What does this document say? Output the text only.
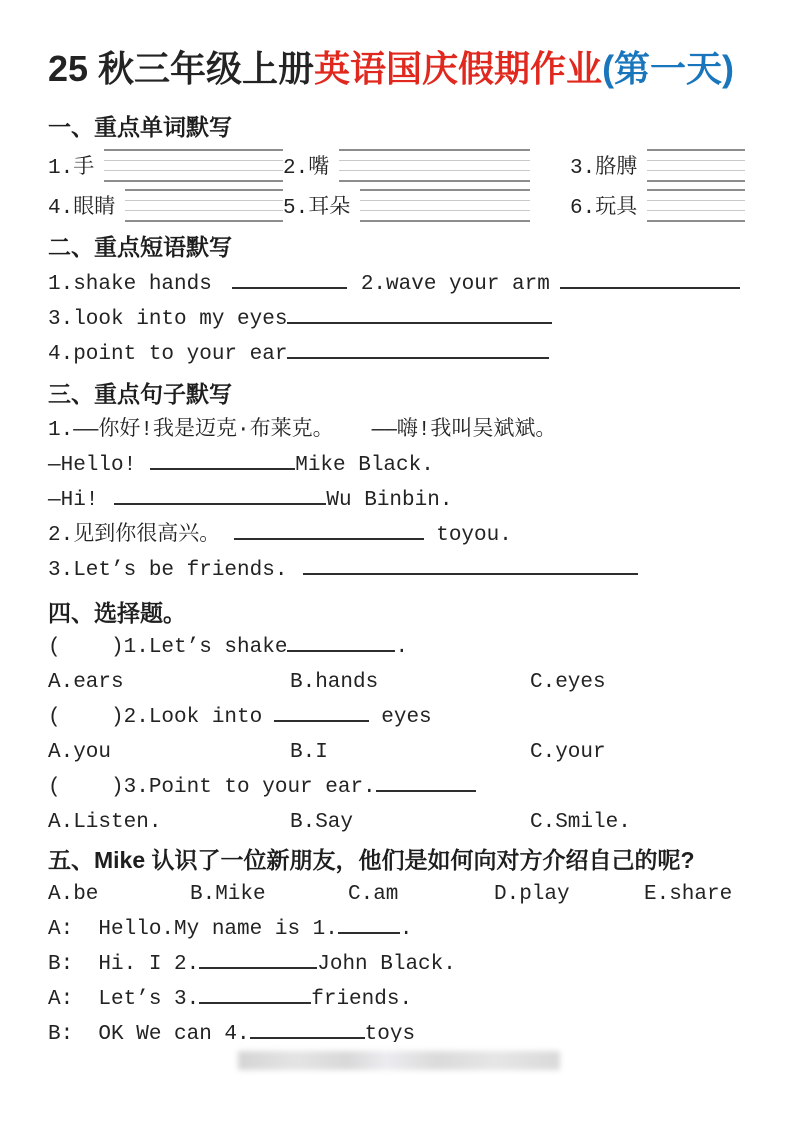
25 秋三年级上册英语国庆假期作业(第一天)
一、重点单词默写
1.手	2.嘴	3.胳膊
4.眼睛	5.耳朵	6.玩具
二、重点短语默写
1.shake hands	2.wave your arm
3.look into my eyes
4.point to your ear
三、重点句子默写
1.——你好!我是迈克·布莱克。 ——嗨!我叫吴斌斌。
—Hello!	Mike Black.
—Hi!	Wu Binbin.
2.见到你很高兴。	toyou.
3.Let’s be friends.
四、选择题。
(    )1.Let’s shake	.
A.ears	B.hands	C.eyes
(    )2.Look into	eyes
A.you	B.I	C.your
(    )3.Point to your ear.
A.Listen.	B.Say	C.Smile.
五、Mike 认识了一位新朋友，他们是如何向对方介绍自己的呢?
A.be	B.Mike	C.am	D.play	E.share
A:  Hello.My name is 1.	.
B:  Hi. I 2.	John Black.
A:  Let’s 3.	friends.
B:  OK We can 4.	toys
